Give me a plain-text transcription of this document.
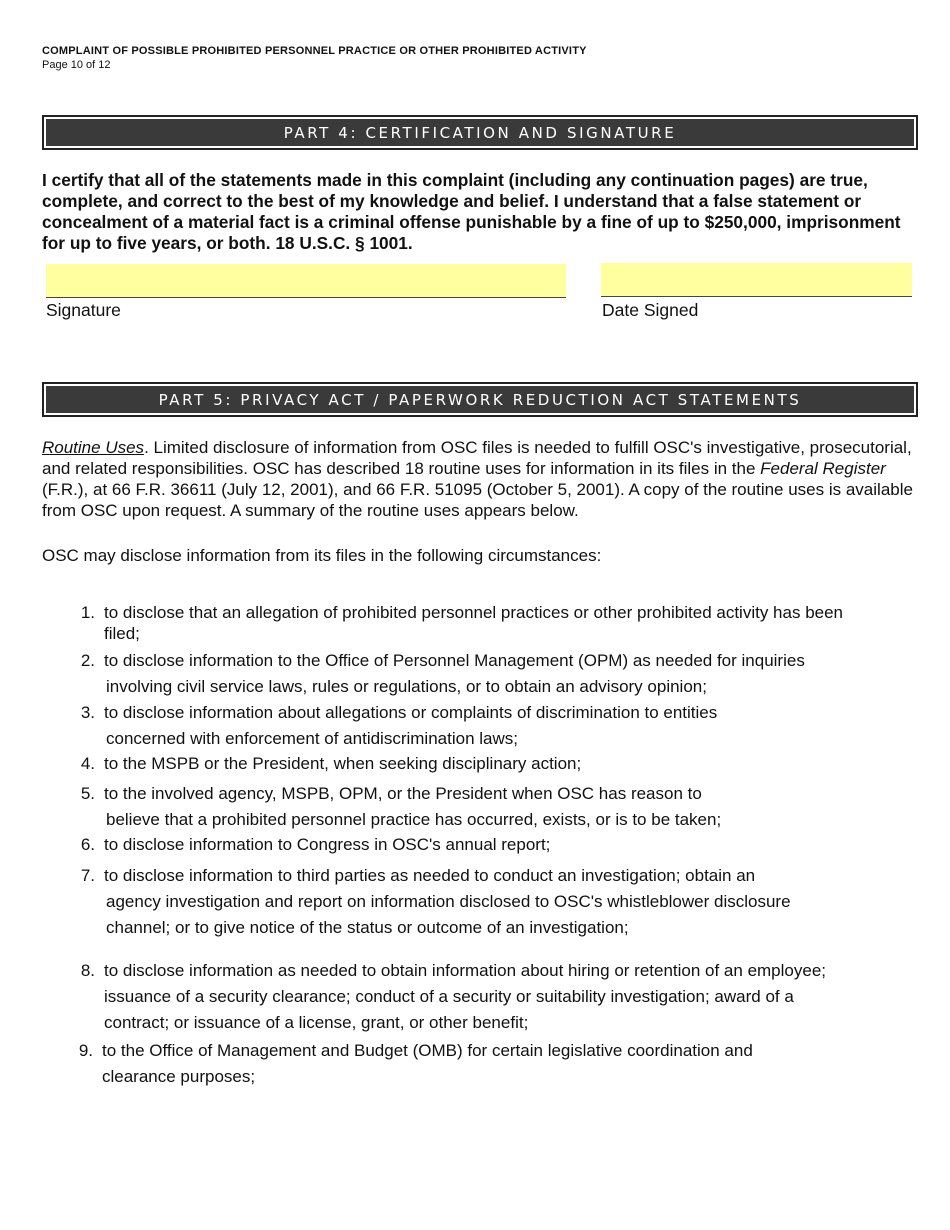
COMPLAINT OF POSSIBLE PROHIBITED PERSONNEL PRACTICE OR OTHER PROHIBITED ACTIVITY
Page 10 of 12
PART 4: CERTIFICATION AND SIGNATURE
I certify that all of the statements made in this complaint (including any continuation pages) are true, complete, and correct to the best of my knowledge and belief. I understand that a false statement or concealment of a material fact is a criminal offense punishable by a fine of up to $250,000, imprisonment for up to five years, or both. 18 U.S.C. § 1001.
Signature	Date Signed
PART 5: PRIVACY ACT / PAPERWORK REDUCTION ACT STATEMENTS
Routine Uses. Limited disclosure of information from OSC files is needed to fulfill OSC's investigative, prosecutorial, and related responsibilities. OSC has described 18 routine uses for information in its files in the Federal Register (F.R.), at 66 F.R. 36611 (July 12, 2001), and 66 F.R. 51095 (October 5, 2001). A copy of the routine uses is available from OSC upon request. A summary of the routine uses appears below.
OSC may disclose information from its files in the following circumstances:
1. to disclose that an allegation of prohibited personnel practices or other prohibited activity has been
filed;
2. to disclose information to the Office of Personnel Management (OPM) as needed for inquiries
involving civil service laws, rules or regulations, or to obtain an advisory opinion;
3. to disclose information about allegations or complaints of discrimination to entities
concerned with enforcement of antidiscrimination laws;
4. to the MSPB or the President, when seeking disciplinary action;
5. to the involved agency, MSPB, OPM, or the President when OSC has reason to
believe that a prohibited personnel practice has occurred, exists, or is to be taken;
6. to disclose information to Congress in OSC's annual report;
7. to disclose information to third parties as needed to conduct an investigation; obtain an
agency investigation and report on information disclosed to OSC's whistleblower disclosure
channel; or to give notice of the status or outcome of an investigation;
8. to disclose information as needed to obtain information about hiring or retention of an employee;
issuance of a security clearance; conduct of a security or suitability investigation; award of a
contract; or issuance of a license, grant, or other benefit;
9. to the Office of Management and Budget (OMB) for certain legislative coordination and
clearance purposes;
